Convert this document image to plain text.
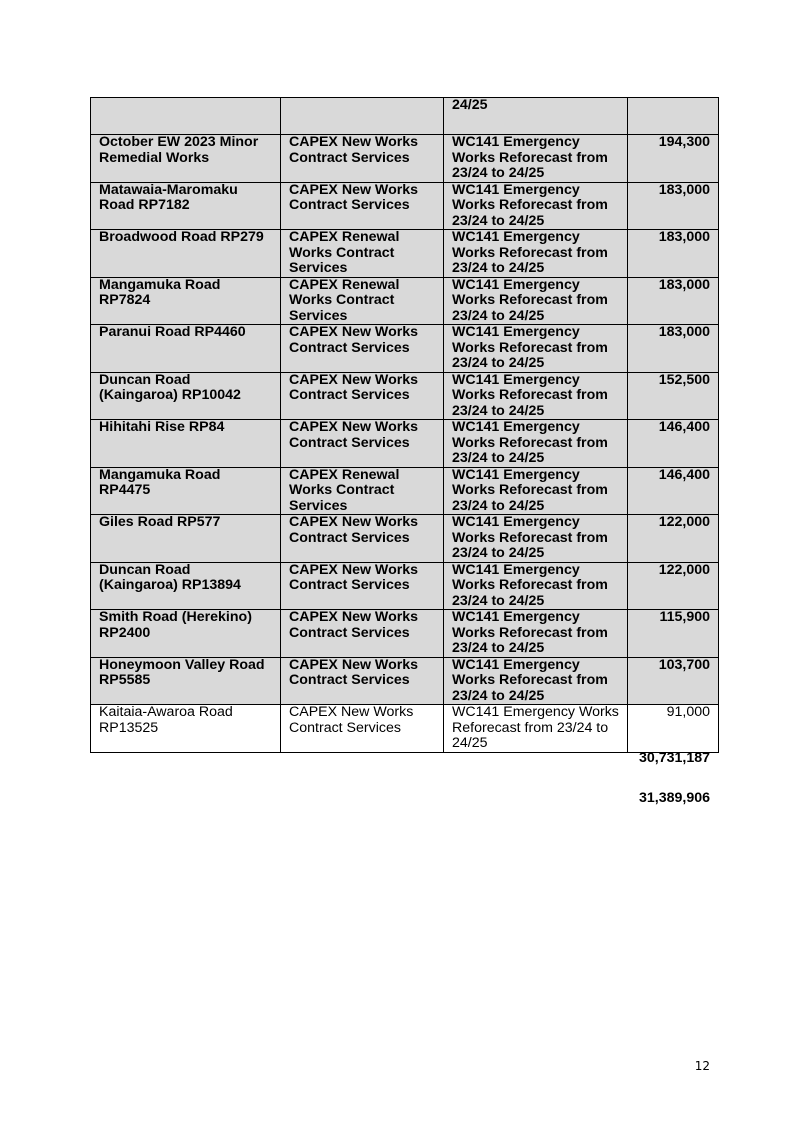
		24/25	
October EW 2023 Minor Remedial Works	CAPEX New Works Contract Services	WC141 Emergency Works Reforecast from 23/24 to 24/25	194,300
Matawaia-Maromaku Road RP7182	CAPEX New Works Contract Services	WC141 Emergency Works Reforecast from 23/24 to 24/25	183,000
Broadwood Road RP279	CAPEX Renewal Works Contract Services	WC141 Emergency Works Reforecast from 23/24 to 24/25	183,000
Mangamuka Road RP7824	CAPEX Renewal Works Contract Services	WC141 Emergency Works Reforecast from 23/24 to 24/25	183,000
Paranui Road RP4460	CAPEX New Works Contract Services	WC141 Emergency Works Reforecast from 23/24 to 24/25	183,000
Duncan Road (Kaingaroa) RP10042	CAPEX New Works Contract Services	WC141 Emergency Works Reforecast from 23/24 to 24/25	152,500
Hihitahi Rise RP84	CAPEX New Works Contract Services	WC141 Emergency Works Reforecast from 23/24 to 24/25	146,400
Mangamuka Road RP4475	CAPEX Renewal Works Contract Services	WC141 Emergency Works Reforecast from 23/24 to 24/25	146,400
Giles Road RP577	CAPEX New Works Contract Services	WC141 Emergency Works Reforecast from 23/24 to 24/25	122,000
Duncan Road (Kaingaroa) RP13894	CAPEX New Works Contract Services	WC141 Emergency Works Reforecast from 23/24 to 24/25	122,000
Smith Road (Herekino) RP2400	CAPEX New Works Contract Services	WC141 Emergency Works Reforecast from 23/24 to 24/25	115,900
Honeymoon Valley Road RP5585	CAPEX New Works Contract Services	WC141 Emergency Works Reforecast from 23/24 to 24/25	103,700
Kaitaia-Awaroa Road RP13525	CAPEX New Works Contract Services	WC141 Emergency Works Reforecast from 23/24 to 24/25	91,000
30,731,187
31,389,906
12
